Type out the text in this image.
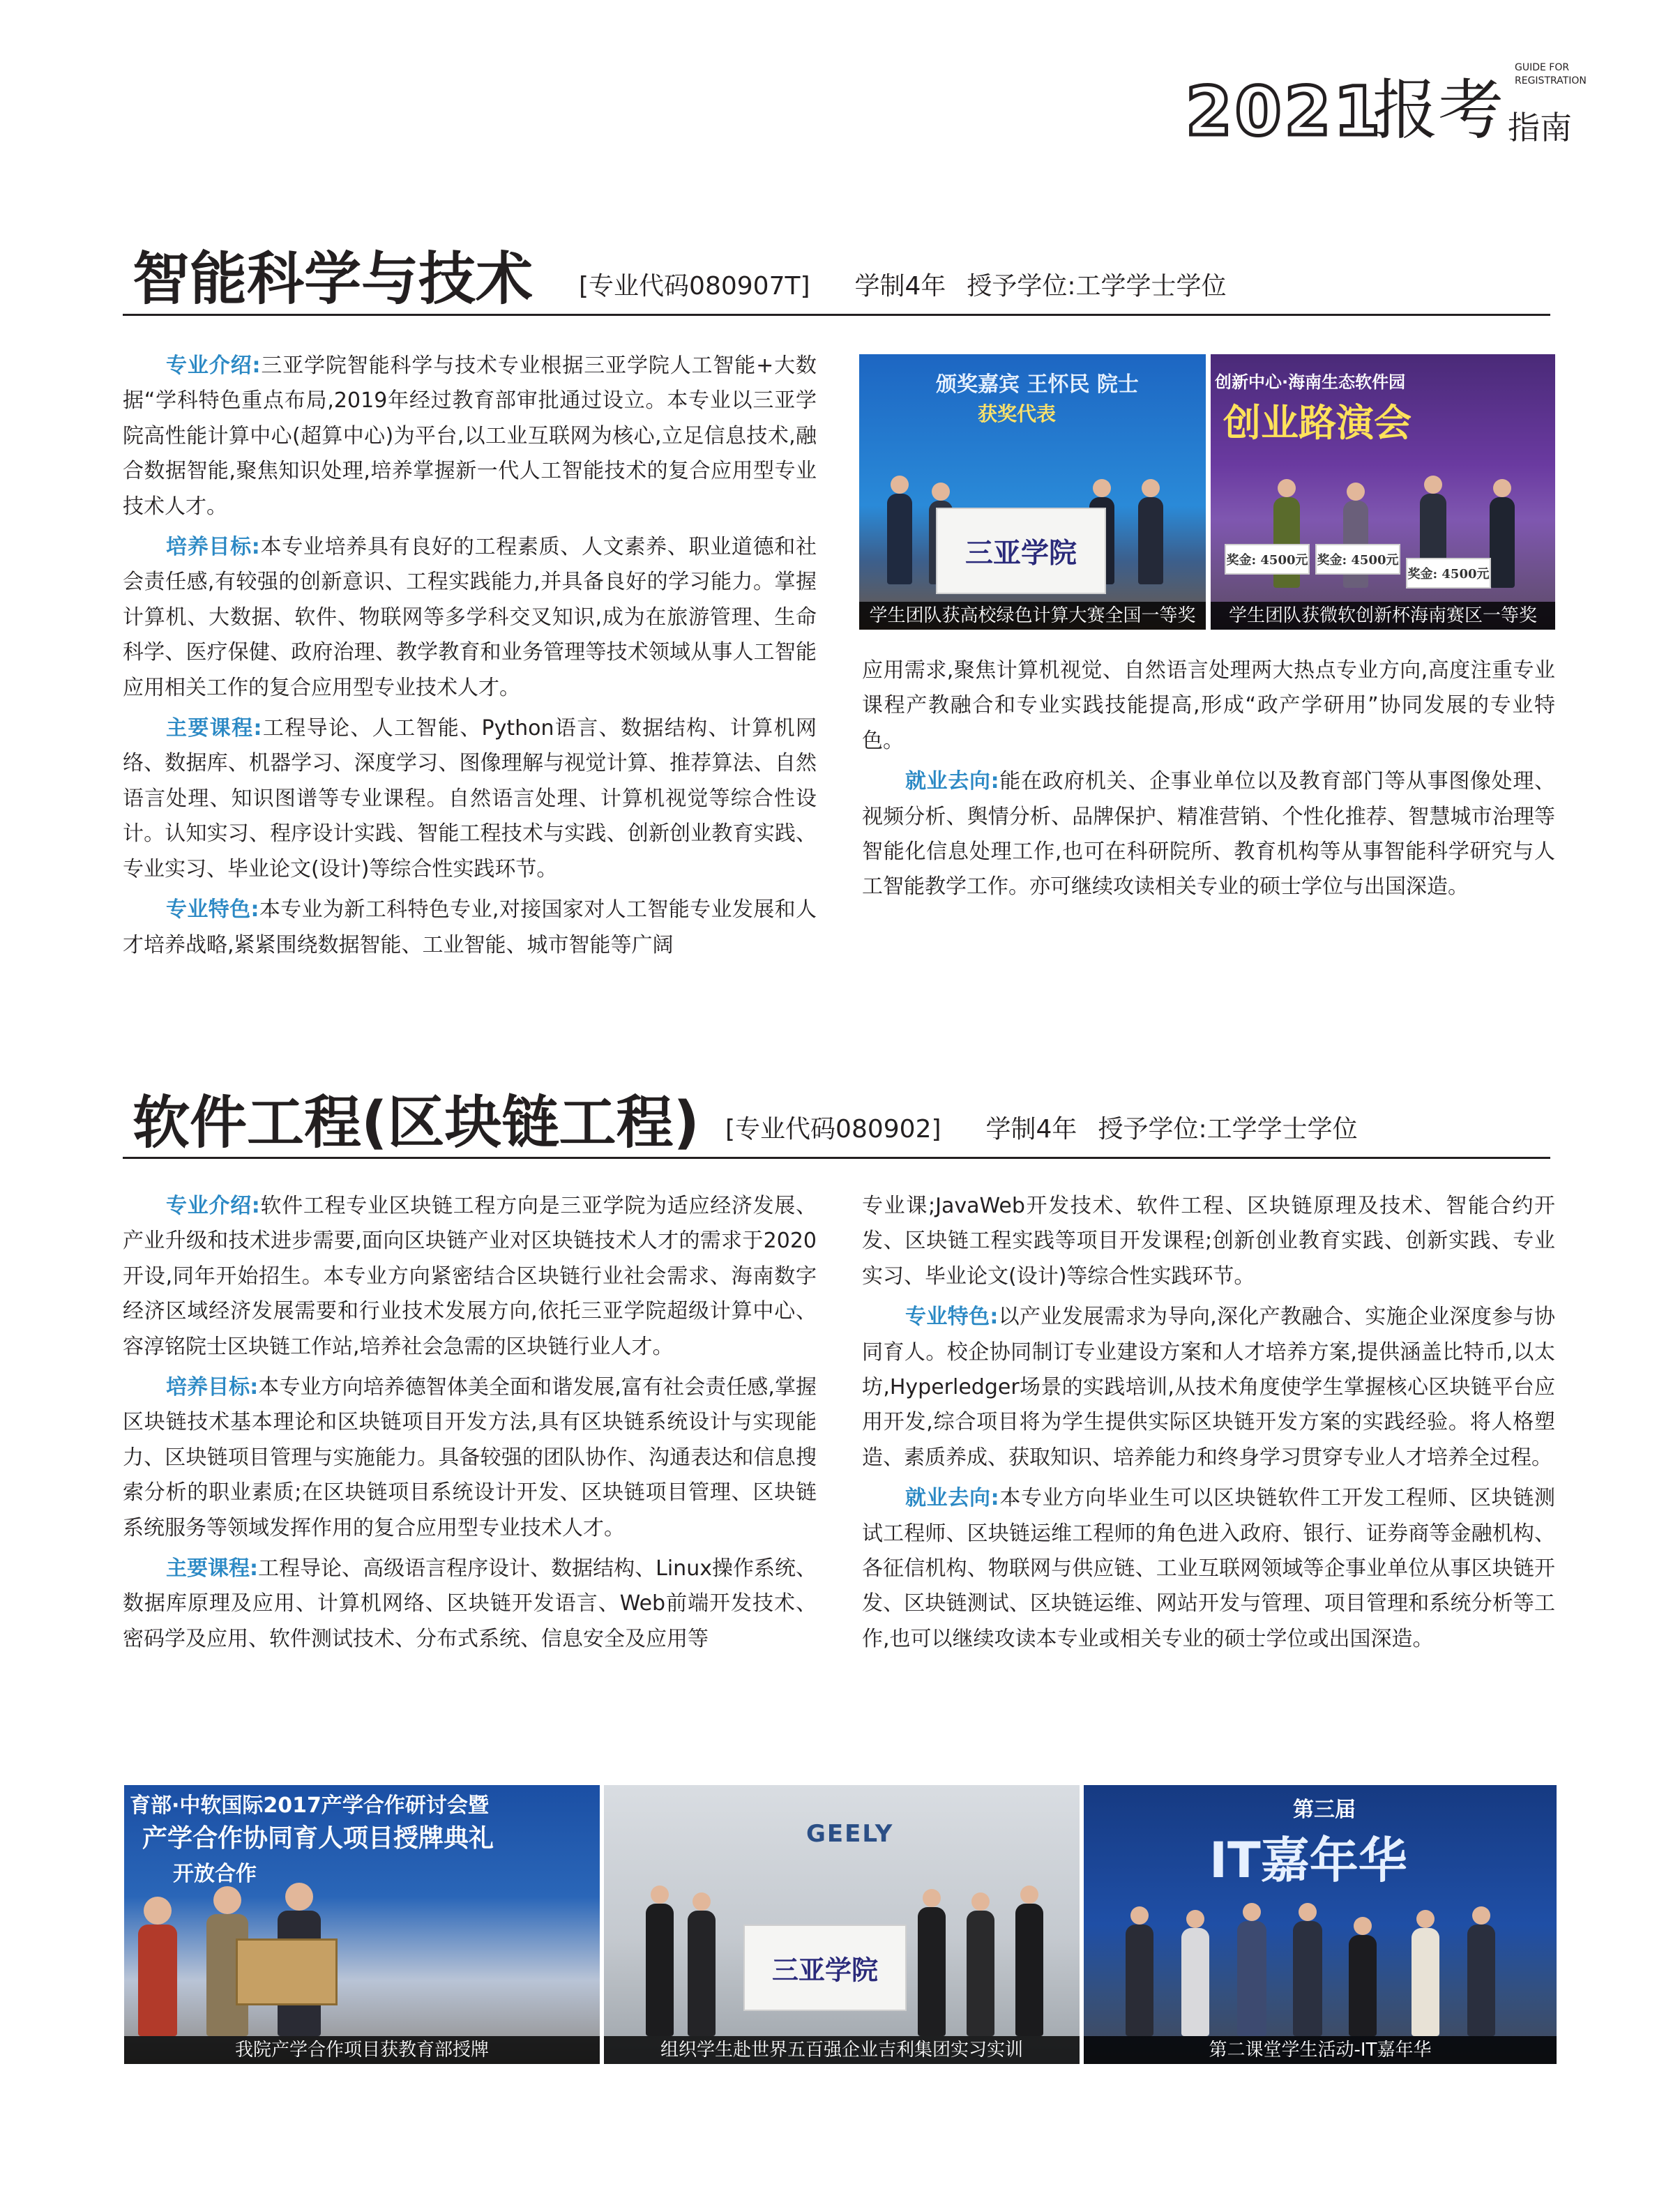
2021
报考
GUIDE FOR
REGISTRATION
指南
智能科学与技术 [专业代码080907T] 学制4年 授予学位:工学学士学位

专业介绍:三亚学院智能科学与技术专业根据三亚学院人工智能+大数据“学科特色重点布局,2019年经过教育部审批通过设立。本专业以三亚学院高性能计算中心(超算中心)为平台,以工业互联网为核心,立足信息技术,融合数据智能,聚焦知识处理,培养掌握新一代人工智能技术的复合应用型专业技术人才。

培养目标:本专业培养具有良好的工程素质、人文素养、职业道德和社会责任感,有较强的创新意识、工程实践能力,并具备良好的学习能力。掌握计算机、大数据、软件、物联网等多学科交叉知识,成为在旅游管理、生命科学、医疗保健、政府治理、教学教育和业务管理等技术领域从事人工智能应用相关工作的复合应用型专业技术人才。

主要课程:工程导论、人工智能、Python语言、数据结构、计算机网络、数据库、机器学习、深度学习、图像理解与视觉计算、推荐算法、自然语言处理、知识图谱等专业课程。自然语言处理、计算机视觉等综合性设计。认知实习、程序设计实践、智能工程技术与实践、创新创业教育实践、专业实习、毕业论文(设计)等综合性实践环节。

专业特色:本专业为新工科特色专业,对接国家对人工智能专业发展和人才培养战略,紧紧围绕数据智能、工业智能、城市智能等广阔

颁奖嘉宾 王怀民 院士
获奖代表
三亚学院
学生团队获高校绿色计算大赛全国一等奖
创新中心·海南生态软件园
创业路演会
奖金: 4500元 奖金: 4500元
奖金: 4500元
学生团队获微软创新杯海南赛区一等奖

应用需求,聚焦计算机视觉、自然语言处理两大热点专业方向,高度注重专业课程产教融合和专业实践技能提高,形成“政产学研用”协同发展的专业特色。

就业去向:能在政府机关、企事业单位以及教育部门等从事图像处理、视频分析、舆情分析、品牌保护、精准营销、个性化推荐、智慧城市治理等智能化信息处理工作,也可在科研院所、教育机构等从事智能科学研究与人工智能教学工作。亦可继续攻读相关专业的硕士学位与出国深造。

软件工程(区块链工程) [专业代码080902] 学制4年 授予学位:工学学士学位

专业介绍:软件工程专业区块链工程方向是三亚学院为适应经济发展、产业升级和技术进步需要,面向区块链产业对区块链技术人才的需求于2020开设,同年开始招生。本专业方向紧密结合区块链行业社会需求、海南数字经济区域经济发展需要和行业技术发展方向,依托三亚学院超级计算中心、容淳铭院士区块链工作站,培养社会急需的区块链行业人才。

培养目标:本专业方向培养德智体美全面和谐发展,富有社会责任感,掌握区块链技术基本理论和区块链项目开发方法,具有区块链系统设计与实现能力、区块链项目管理与实施能力。具备较强的团队协作、沟通表达和信息搜索分析的职业素质;在区块链项目系统设计开发、区块链项目管理、区块链系统服务等领域发挥作用的复合应用型专业技术人才。

主要课程:工程导论、高级语言程序设计、数据结构、Linux操作系统、数据库原理及应用、计算机网络、区块链开发语言、Web前端开发技术、密码学及应用、软件测试技术、分布式系统、信息安全及应用等

专业课;JavaWeb开发技术、软件工程、区块链原理及技术、智能合约开发、区块链工程实践等项目开发课程;创新创业教育实践、创新实践、专业实习、毕业论文(设计)等综合性实践环节。

专业特色:以产业发展需求为导向,深化产教融合、实施企业深度参与协同育人。校企协同制订专业建设方案和人才培养方案,提供涵盖比特币,以太坊,Hyperledger场景的实践培训,从技术角度使学生掌握核心区块链平台应用开发,综合项目将为学生提供实际区块链开发方案的实践经验。将人格塑造、素质养成、获取知识、培养能力和终身学习贯穿专业人才培养全过程。

就业去向:本专业方向毕业生可以区块链软件工开发工程师、区块链测试工程师、区块链运维工程师的角色进入政府、银行、证券商等金融机构、各征信机构、物联网与供应链、工业互联网领域等企事业单位从事区块链开发、区块链测试、区块链运维、网站开发与管理、项目管理和系统分析等工作,也可以继续攻读本专业或相关专业的硕士学位或出国深造。

育部·中软国际2017产学合作研讨会暨
产学合作协同育人项目授牌典礼
开放合作
我院产学合作项目获教育部授牌
GEELY
三亚学院
组织学生赴世界五百强企业吉利集团实习实训
第三届
IT嘉年华
第二课堂学生活动-IT嘉年华
